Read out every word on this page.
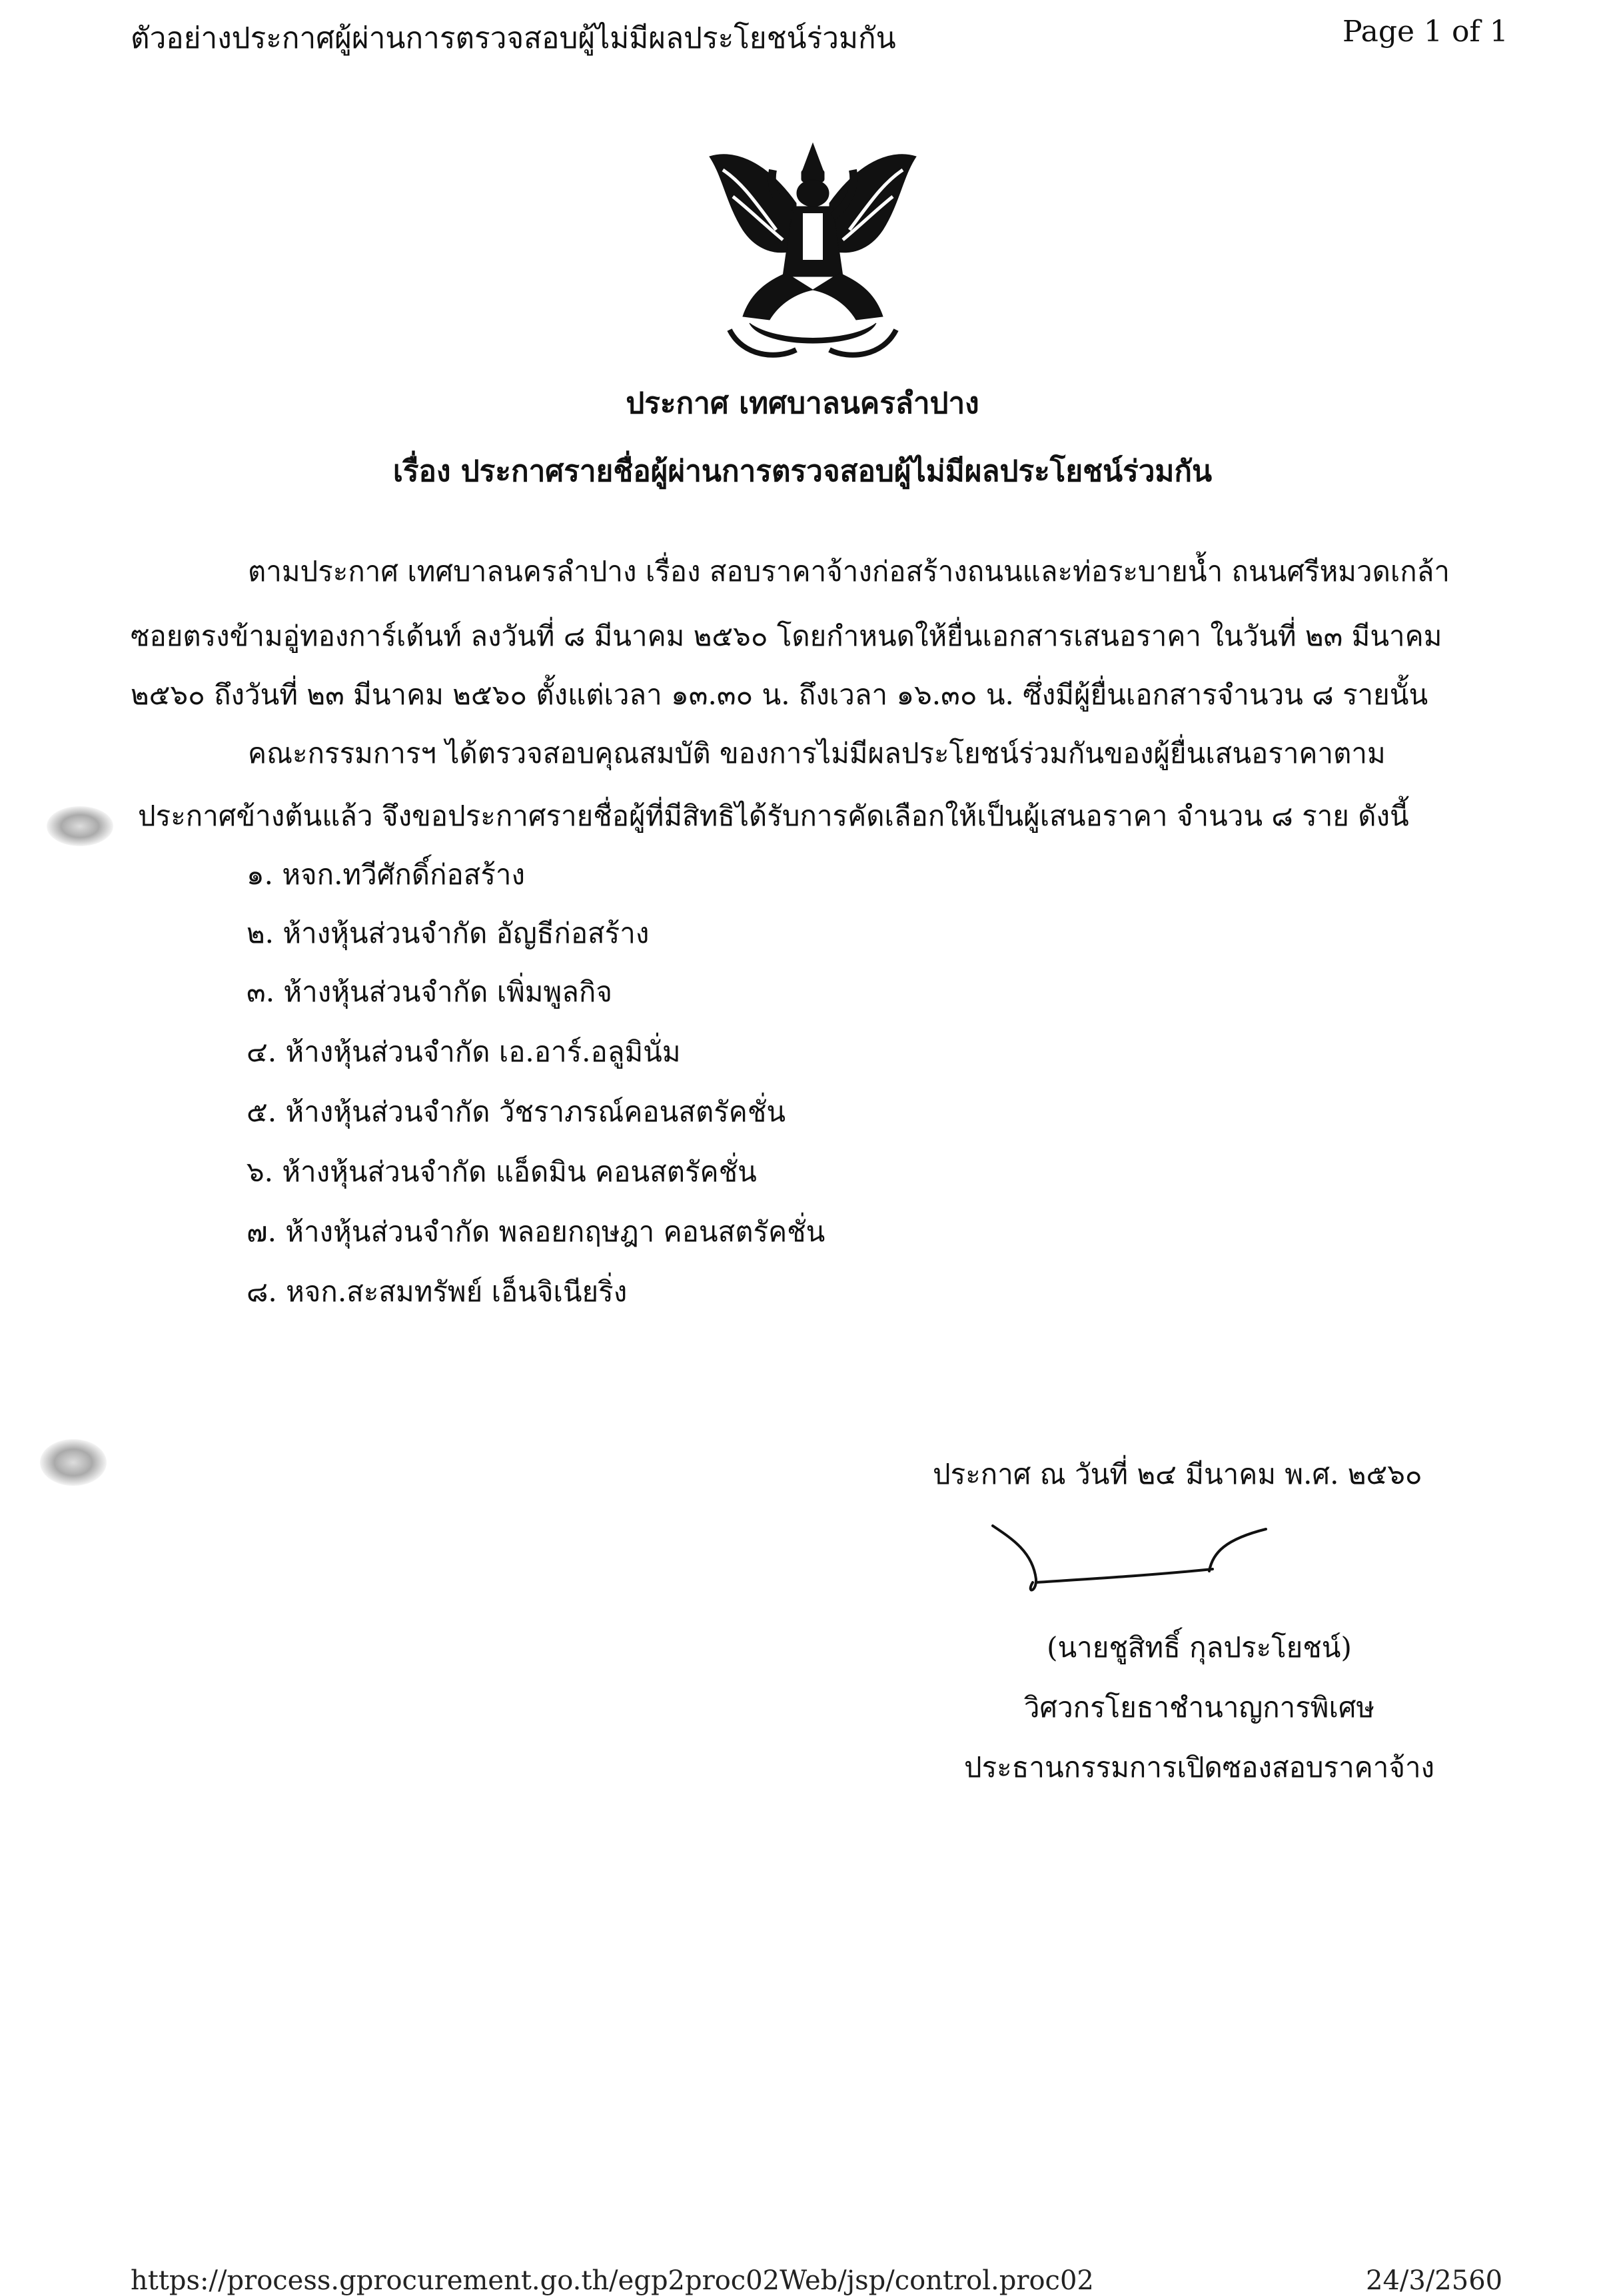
ตัวอย่างประกาศผู้ผ่านการตรวจสอบผู้ไม่มีผลประโยชน์ร่วมกัน	Page 1 of 1
ประกาศ เทศบาลนครลำปาง
เรื่อง ประกาศรายชื่อผู้ผ่านการตรวจสอบผู้ไม่มีผลประโยชน์ร่วมกัน
ตามประกาศ เทศบาลนครลำปาง เรื่อง สอบราคาจ้างก่อสร้างถนนและท่อระบายน้ำ ถนนศรีหมวดเกล้า
ซอยตรงข้ามอู่ทองการ์เด้นท์ ลงวันที่ ๘ มีนาคม ๒๕๖๐ โดยกำหนดให้ยื่นเอกสารเสนอราคา ในวันที่ ๒๓ มีนาคม
๒๕๖๐ ถึงวันที่ ๒๓ มีนาคม ๒๕๖๐ ตั้งแต่เวลา ๑๓.๓๐ น. ถึงเวลา ๑๖.๓๐ น. ซึ่งมีผู้ยื่นเอกสารจำนวน ๘ รายนั้น
คณะกรรมการฯ ได้ตรวจสอบคุณสมบัติ ของการไม่มีผลประโยชน์ร่วมกันของผู้ยื่นเสนอราคาตาม
ประกาศข้างต้นแล้ว จึงขอประกาศรายชื่อผู้ที่มีสิทธิได้รับการคัดเลือกให้เป็นผู้เสนอราคา จำนวน ๘ ราย ดังนี้
๑. หจก.ทวีศักดิ์ก่อสร้าง
๒. ห้างหุ้นส่วนจำกัด อัญธีก่อสร้าง
๓. ห้างหุ้นส่วนจำกัด เพิ่มพูลกิจ
๔. ห้างหุ้นส่วนจำกัด เอ.อาร์.อลูมินั่ม
๕. ห้างหุ้นส่วนจำกัด วัชราภรณ์คอนสตรัคชั่น
๖. ห้างหุ้นส่วนจำกัด แอ็ดมิน คอนสตรัคชั่น
๗. ห้างหุ้นส่วนจำกัด พลอยกฤษฎา คอนสตรัคชั่น
๘. หจก.สะสมทรัพย์ เอ็นจิเนียริ่ง
ประกาศ ณ วันที่ ๒๔ มีนาคม พ.ศ. ๒๕๖๐
(นายชูสิทธิ์ กุลประโยชน์)
วิศวกรโยธาชำนาญการพิเศษ
ประธานกรรมการเปิดซองสอบราคาจ้าง
https://process.gprocurement.go.th/egp2proc02Web/jsp/control.proc02	24/3/2560
